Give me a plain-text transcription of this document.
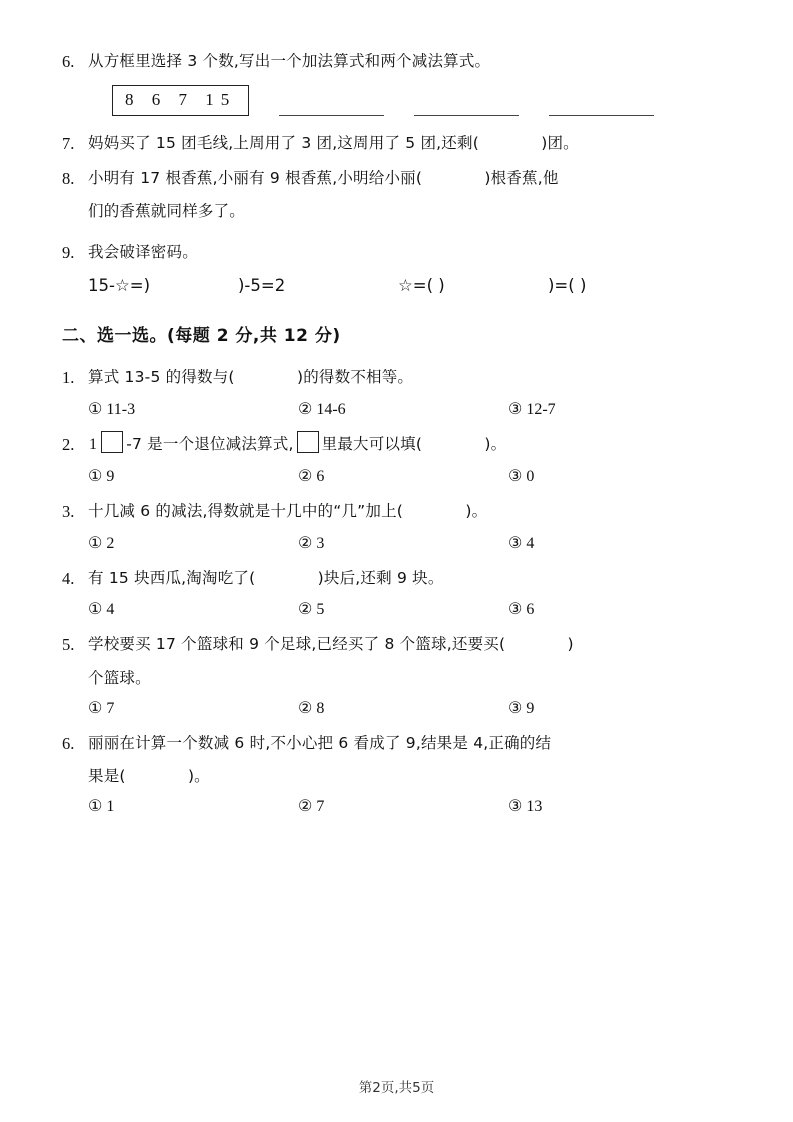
6. 从方框里选择 3 个数,写出一个加法算式和两个减法算式。
8 6 7 15
7. 妈妈买了 15 团毛线,上周用了 3 团,这周用了 5 团,还剩(	)团。
8. 小明有 17 根香蕉,小丽有 9 根香蕉,小明给小丽(	)根香蕉,他
们的香蕉就同样多了。
9. 我会破译密码。
15-☆=)	)-5=2	☆=( )	)=( )
二、选一选。(每题 2 分,共 12 分)
1. 算式 13-5 的得数与(	)的得数不相等。
① 11-3	② 14-6	③ 12-7
2. 1 -7 是一个退位减法算式, 里最大可以填(	)。
① 9	② 6	③ 0
3. 十几减 6 的减法,得数就是十几中的“几”加上(	)。
① 2	② 3	③ 4
4. 有 15 块西瓜,淘淘吃了(	)块后,还剩 9 块。
① 4	② 5	③ 6
5. 学校要买 17 个篮球和 9 个足球,已经买了 8 个篮球,还要买(	)
个篮球。
① 7	② 8	③ 9
6. 丽丽在计算一个数减 6 时,不小心把 6 看成了 9,结果是 4,正确的结
果是(	)。
① 1	② 7	③ 13
第2页,共5页
